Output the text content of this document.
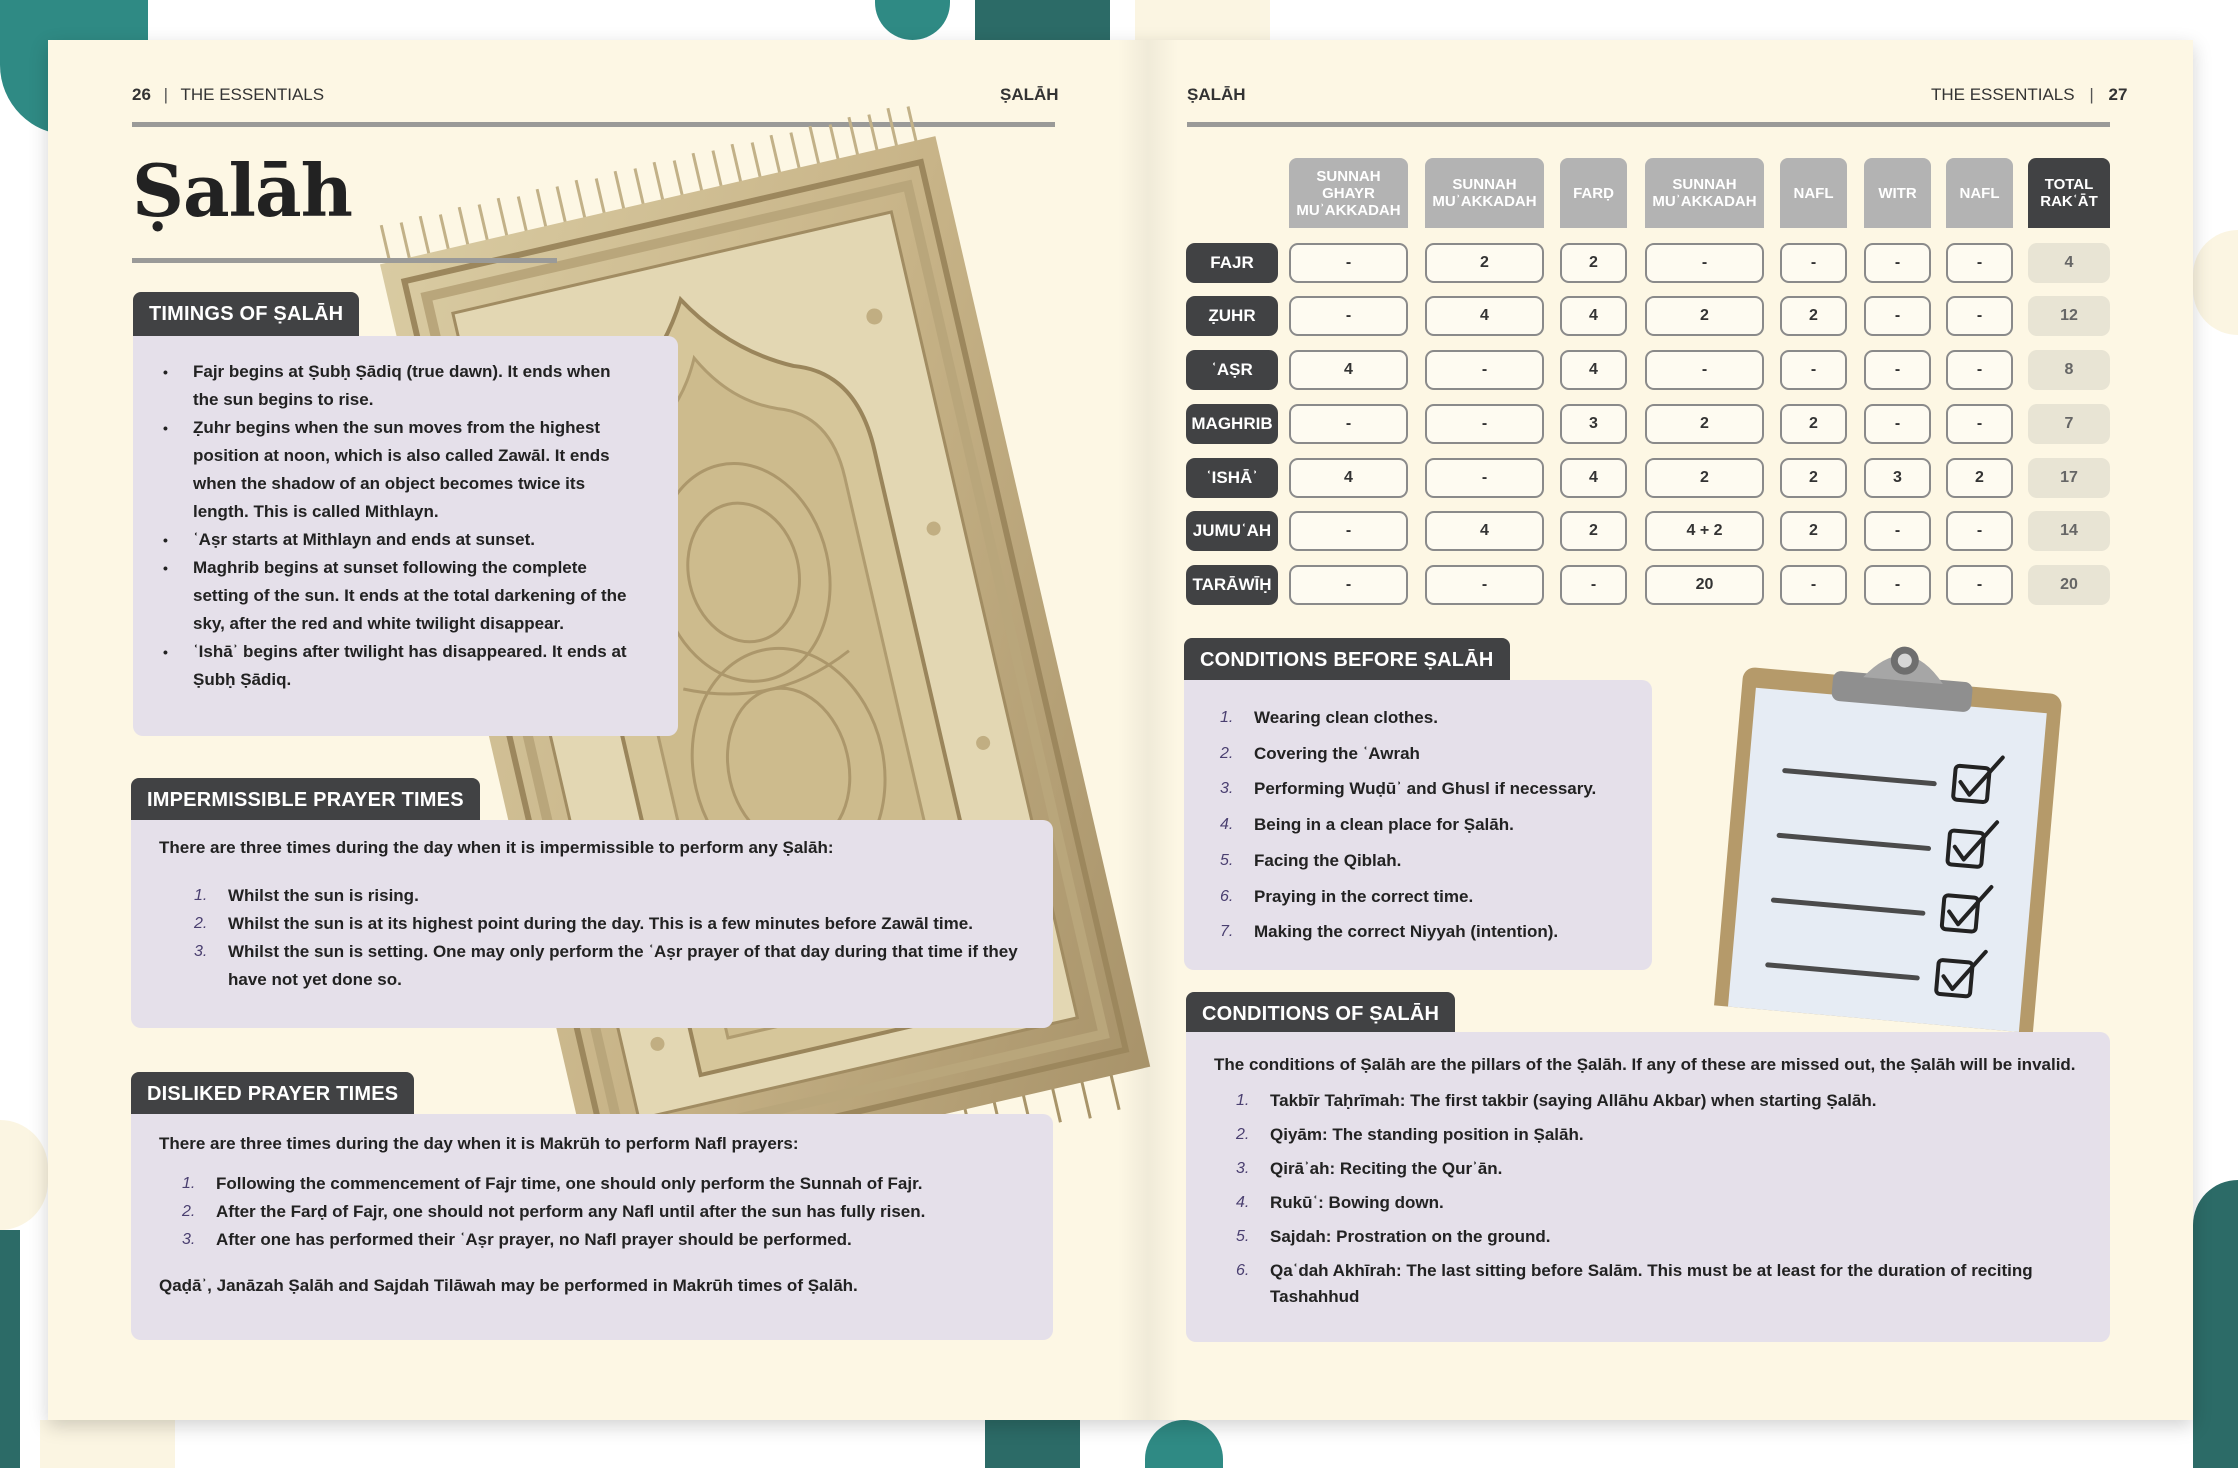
26 | THE ESSENTIALS	ṢALĀH
Ṣalāh
TIMINGS OF ṢALĀH
• Fajr begins at Ṣubḥ Ṣādiq (true dawn). It ends when the sun begins to rise.
• Ẓuhr begins when the sun moves from the highest position at noon, which is also called Zawāl. It ends when the shadow of an object becomes twice its length. This is called Mithlayn.
• ʿAṣr starts at Mithlayn and ends at sunset.
• Maghrib begins at sunset following the complete setting of the sun. It ends at the total darkening of the sky, after the red and white twilight disappear.
• ʿIshāʾ begins after twilight has disappeared. It ends at Ṣubḥ Ṣādiq.
IMPERMISSIBLE PRAYER TIMES

There are three times during the day when it is impermissible to perform any Ṣalāh:

1. Whilst the sun is rising.
2. Whilst the sun is at its highest point during the day. This is a few minutes before Zawāl time.
3. Whilst the sun is setting. One may only perform the ʿAṣr prayer of that day during that time if they have not yet done so.
DISLIKED PRAYER TIMES

There are three times during the day when it is Makrūh to perform Nafl prayers:

1. Following the commencement of Fajr time, one should only perform the Sunnah of Fajr.
2. After the Farḍ of Fajr, one should not perform any Nafl until after the sun has fully risen.
3. After one has performed their ʿAṣr prayer, no Nafl prayer should be performed.

Qaḍāʾ, Janāzah Ṣalāh and Sajdah Tilāwah may be performed in Makrūh times of Ṣalāh.

ṢALĀH	THE ESSENTIALS | 27
SUNNAH GHAYR MUʾAKKADAH
SUNNAH MUʾAKKADAH	FARḌ	SUNNAH MUʾAKKADAH	NAFL	WITR	NAFL	TOTAL RAKʿĀT
FAJR	-	2	2	-	-	-	-	4
ẒUHR	-	4	4	2	2	-	-	12
ʿAṢR	4	-	4	-	-	-	-	8
MAGHRIB	-	-	3	2	2	-	-	7
ʿISHĀʾ	4	-	4	2	2	3	2	17
JUMUʿAH	-	4	2	4 + 2	2	-	-	14
TARĀWĪḤ	-	-	-	20	-	-	-	20
CONDITIONS BEFORE ṢALĀH
1. Wearing clean clothes.
2. Covering the ʿAwrah
3. Performing Wuḍūʾ and Ghusl if necessary.
4. Being in a clean place for Ṣalāh.
5. Facing the Qiblah.
6. Praying in the correct time.
7. Making the correct Niyyah (intention).
CONDITIONS OF ṢALĀH

The conditions of Ṣalāh are the pillars of the Ṣalāh. If any of these are missed out, the Ṣalāh will be invalid.

1. Takbīr Taḥrīmah: The first takbir (saying Allāhu Akbar) when starting Ṣalāh.
2. Qiyām: The standing position in Ṣalāh.
3. Qirāʾah: Reciting the Qurʾān.
4. Rukūʿ: Bowing down.
5. Sajdah: Prostration on the ground.
6. Qaʿdah Akhīrah: The last sitting before Salām. This must be at least for the duration of reciting Tashahhud
